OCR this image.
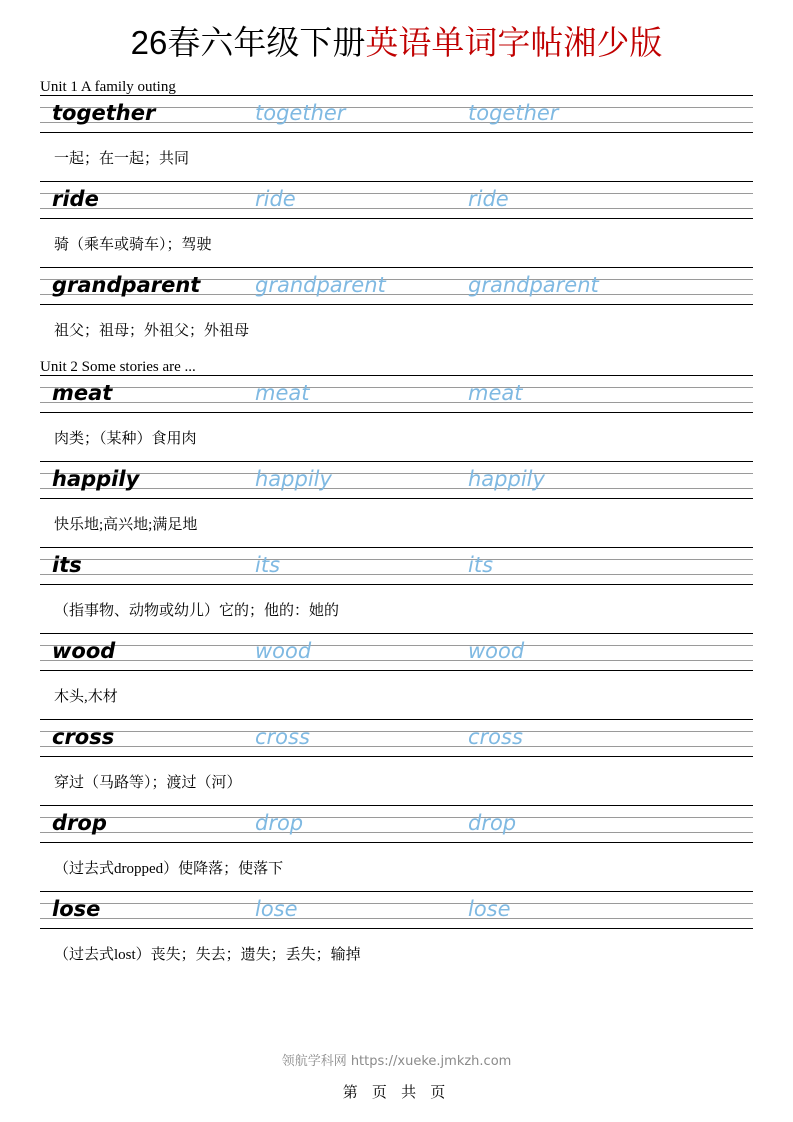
26春六年级下册英语单词字帖湘少版
Unit 1 A family outing
together	together	together
一起；在一起；共同
ride	ride	ride
骑（乘车或骑车）；驾驶
grandparent	grandparent	grandparent
祖父；祖母；外祖父；外祖母
Unit 2 Some stories are ...
meat	meat	meat
肉类；（某种）食用肉
happily	happily	happily
快乐地;高兴地;满足地
its	its	its
（指事物、动物或幼儿）它的；他的：她的
wood	wood	wood
木头,木材
cross	cross	cross
穿过（马路等）；渡过（河）
drop	drop	drop
（过去式dropped）使降落；使落下
lose	lose	lose
（过去式lost）丧失；失去；遗失；丢失；输掉
领航学科网 https://xueke.jmkzh.com
第 页 共 页
